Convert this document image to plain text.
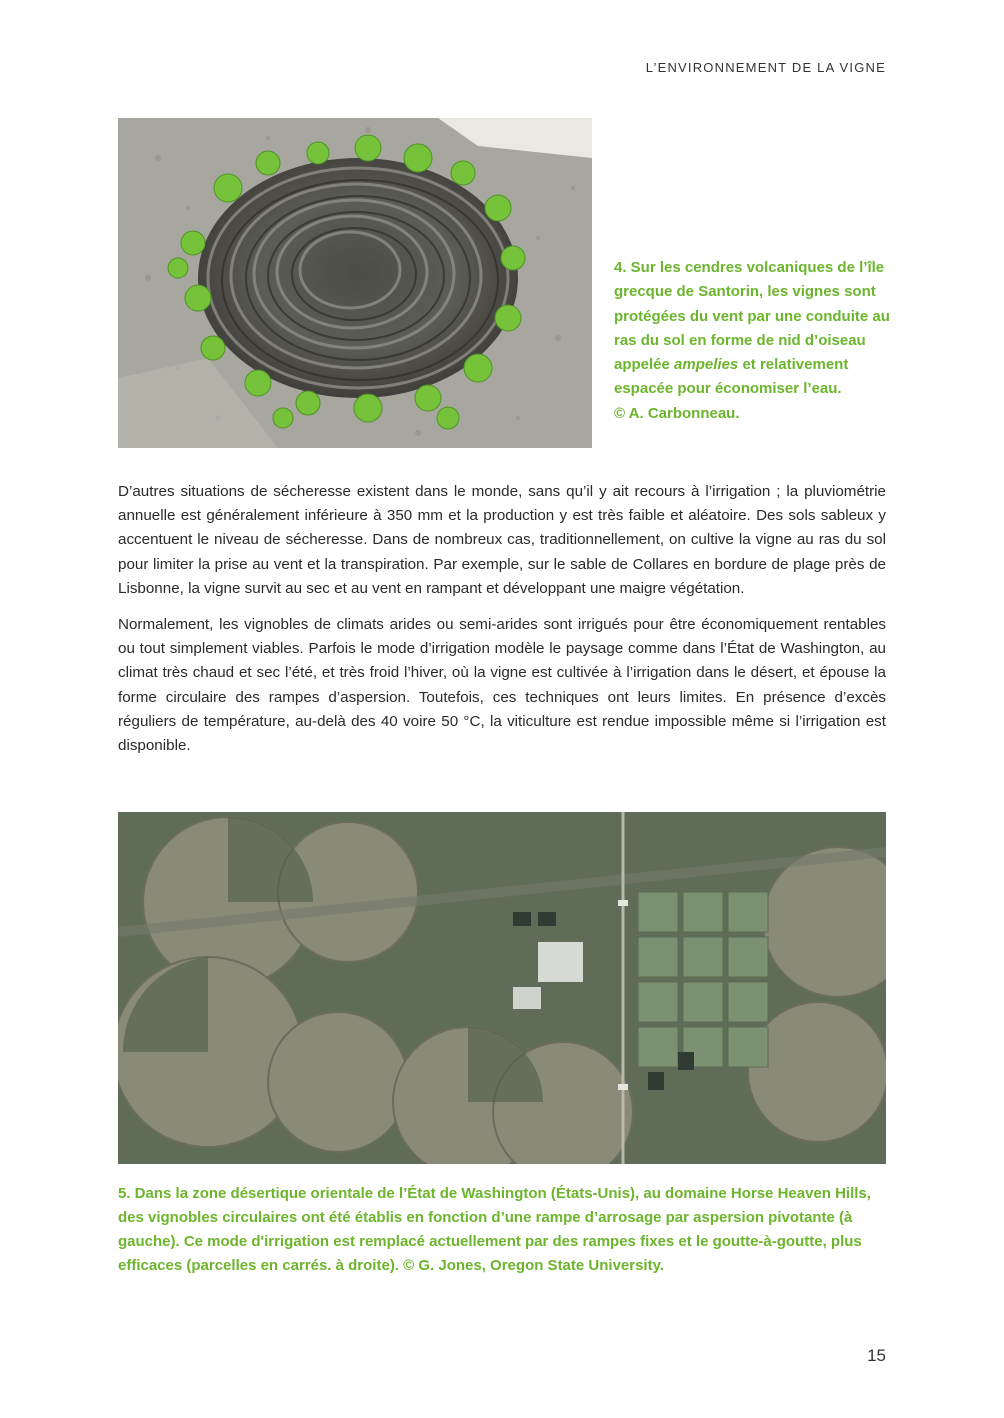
L’ENVIRONNEMENT DE LA VIGNE
4. Sur les cendres volcaniques de l’île grecque de Santorin, les vignes sont protégées du vent par une conduite au ras du sol en forme de nid d’oiseau appelée ampelies et relativement espacée pour économiser l’eau.
© A. Carbonneau.

D’autres situations de sécheresse existent dans le monde, sans qu’il y ait recours à l’irrigation ; la pluviométrie annuelle est généralement inférieure à 350 mm et la production y est très faible et aléatoire. Des sols sableux y accentuent le niveau de sécheresse. Dans de nombreux cas, traditionnellement, on cultive la vigne au ras du sol pour limiter la prise au vent et la transpiration. Par exemple, sur le sable de Collares en bordure de plage près de Lisbonne, la vigne survit au sec et au vent en rampant et développant une maigre végétation.

Normalement, les vignobles de climats arides ou semi-arides sont irrigués pour être économiquement rentables ou tout simplement viables. Parfois le mode d’irrigation modèle le paysage comme dans l’État de Washington, au climat très chaud et sec l’été, et très froid l’hiver, où la vigne est cultivée à l’irrigation dans le désert, et épouse la forme circulaire des rampes d’aspersion. Toutefois, ces techniques ont leurs limites. En présence d’excès réguliers de température, au-delà des 40 voire 50 °C, la viticulture est rendue impossible même si l’irrigation est disponible.

5. Dans la zone désertique orientale de l’État de Washington (États-Unis), au domaine Horse Heaven Hills, des vignobles circulaires ont été établis en fonction d’une rampe d’arrosage par aspersion pivotante (à gauche). Ce mode d'irrigation est remplacé actuellement par des rampes fixes et le goutte-à-goutte, plus efficaces (parcelles en carrés. à droite). © G. Jones, Oregon State University.
15
